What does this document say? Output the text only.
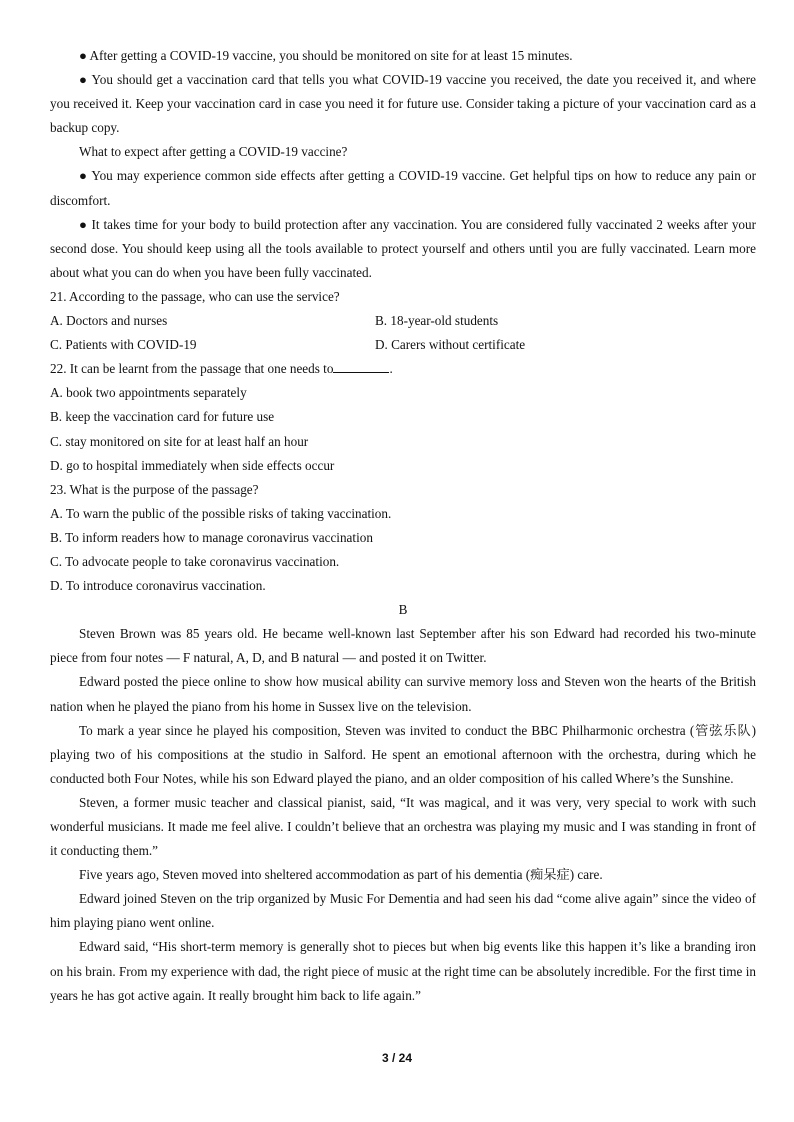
● After getting a COVID-19 vaccine, you should be monitored on site for at least 15 minutes.

● You should get a vaccination card that tells you what COVID-19 vaccine you received, the date you received it, and where you received it. Keep your vaccination card in case you need it for future use. Consider taking a picture of your vaccination card as a backup copy.

What to expect after getting a COVID-19 vaccine?

● You may experience common side effects after getting a COVID-19 vaccine. Get helpful tips on how to reduce any pain or discomfort.

● It takes time for your body to build protection after any vaccination. You are considered fully vaccinated 2 weeks after your second dose. You should keep using all the tools available to protect yourself and others until you are fully vaccinated. Learn more about what you can do when you have been fully vaccinated.

21. According to the passage, who can use the service?

A. Doctors and nurses	B. 18-year-old students

C. Patients with COVID-19	D. Carers without certificate

22. It can be learnt from the passage that one needs to	.

A. book two appointments separately

B. keep the vaccination card for future use

C. stay monitored on site for at least half an hour

D. go to hospital immediately when side effects occur

23. What is the purpose of the passage?

A. To warn the public of the possible risks of taking vaccination.

B. To inform readers how to manage coronavirus vaccination

C. To advocate people to take coronavirus vaccination.

D. To introduce coronavirus vaccination.

B

Steven Brown was 85 years old. He became well-known last September after his son Edward had recorded his two-minute piece from four notes — F natural, A, D, and B natural — and posted it on Twitter.

Edward posted the piece online to show how musical ability can survive memory loss and Steven won the hearts of the British nation when he played the piano from his home in Sussex live on the television.

To mark a year since he played his composition, Steven was invited to conduct the BBC Philharmonic orchestra (管弦乐队) playing two of his compositions at the studio in Salford. He spent an emotional afternoon with the orchestra, during which he conducted both Four Notes, while his son Edward played the piano, and an older composition of his called Where’s the Sunshine.

Steven, a former music teacher and classical pianist, said, “It was magical, and it was very, very special to work with such wonderful musicians. It made me feel alive. I couldn’t believe that an orchestra was playing my music and I was standing in front of it conducting them.”

Five years ago, Steven moved into sheltered accommodation as part of his dementia (痴呆症) care.

Edward joined Steven on the trip organized by Music For Dementia and had seen his dad “come alive again” since the video of him playing piano went online.

Edward said, “His short-term memory is generally shot to pieces but when big events like this happen it’s like a branding iron on his brain. From my experience with dad, the right piece of music at the right time can be absolutely incredible. For the first time in years he has got active again. It really brought him back to life again.”

3 / 24
